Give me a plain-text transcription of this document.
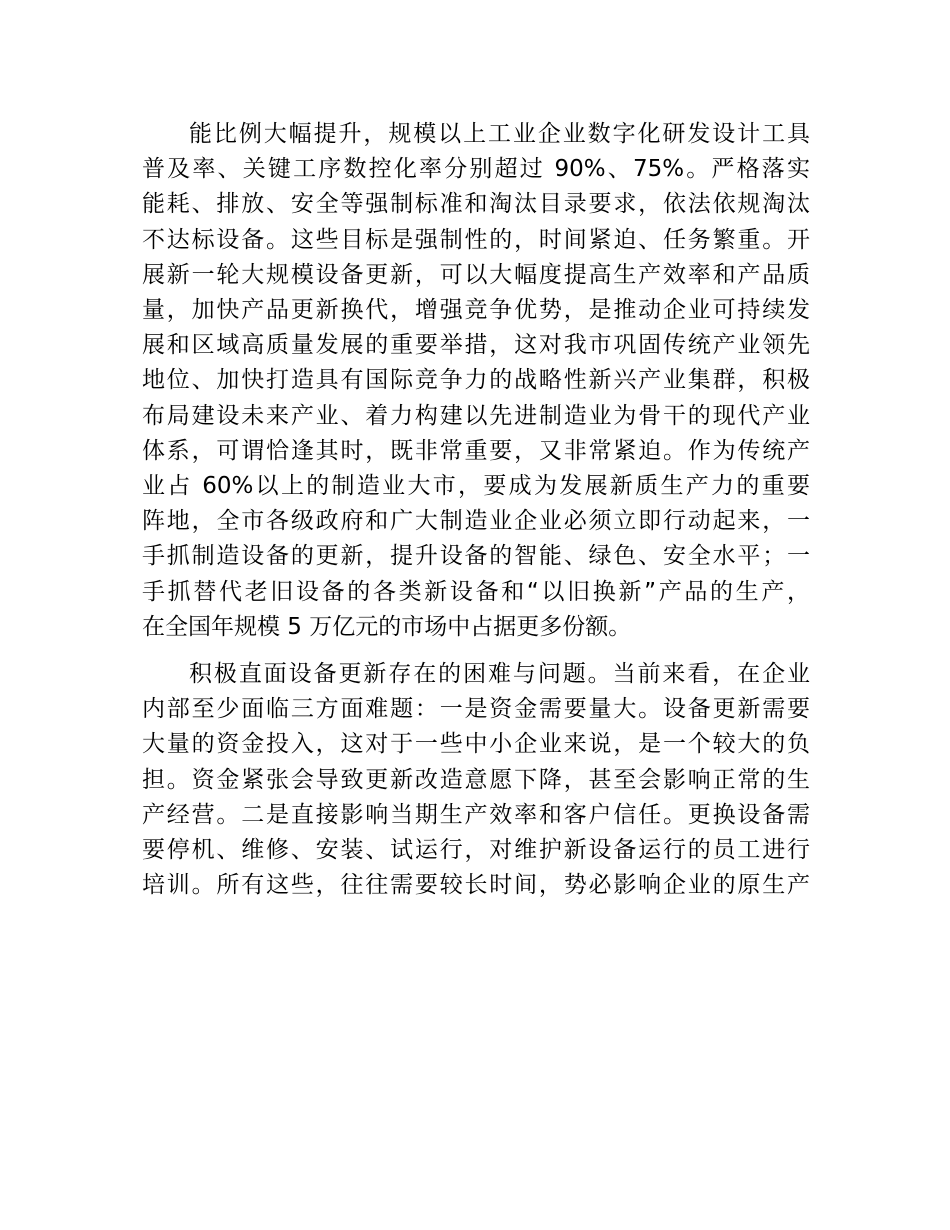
能比例大幅提升，规模以上工业企业数字化研发设计工具
普及率、关键工序数控化率分别超过 90%、75%。严格落实
能耗、排放、安全等强制标准和淘汰目录要求，依法依规淘汰
不达标设备。这些目标是强制性的，时间紧迫、任务繁重。开
展新一轮大规模设备更新，可以大幅度提高生产效率和产品质
量，加快产品更新换代，增强竞争优势，是推动企业可持续发
展和区域高质量发展的重要举措，这对我市巩固传统产业领先
地位、加快打造具有国际竞争力的战略性新兴产业集群，积极
布局建设未来产业、着力构建以先进制造业为骨干的现代产业
体系，可谓恰逢其时，既非常重要，又非常紧迫。作为传统产
业占 60%以上的制造业大市，要成为发展新质生产力的重要
阵地，全市各级政府和广大制造业企业必须立即行动起来，一
手抓制造设备的更新，提升设备的智能、绿色、安全水平；一
手抓替代老旧设备的各类新设备和“以旧换新”产品的生产，
在全国年规模 5 万亿元的市场中占据更多份额。
积极直面设备更新存在的困难与问题。当前来看，在企业
内部至少面临三方面难题：一是资金需要量大。设备更新需要
大量的资金投入，这对于一些中小企业来说，是一个较大的负
担。资金紧张会导致更新改造意愿下降，甚至会影响正常的生
产经营。二是直接影响当期生产效率和客户信任。更换设备需
要停机、维修、安装、试运行，对维护新设备运行的员工进行
培训。所有这些，往往需要较长时间，势必影响企业的原生产
